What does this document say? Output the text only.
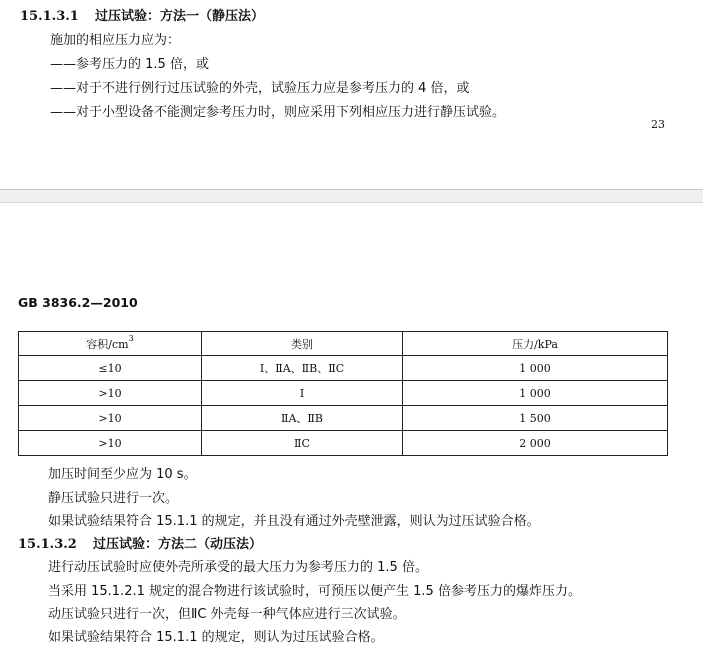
15.1.3.1 过压试验：方法一（静压法）
施加的相应压力应为：
——参考压力的 1.5 倍，或
——对于不进行例行过压试验的外壳，试验压力应是参考压力的 4 倍，或
——对于小型设备不能测定参考压力时，则应采用下列相应压力进行静压试验。
23
GB 3836.2—2010
容积$/cm^3$	类别	压力/kPa
≤10	Ⅰ、ⅡA、ⅡB、ⅡC	1 000
>10	Ⅰ	1 000
>10	ⅡA、ⅡB	1 500
>10	ⅡC	2 000
加压时间至少应为 10 s。
静压试验只进行一次。
如果试验结果符合 15.1.1 的规定，并且没有通过外壳壁泄露，则认为过压试验合格。
15.1.3.2 过压试验：方法二（动压法）
进行动压试验时应使外壳所承受的最大压力为参考压力的 1.5 倍。
当采用 15.1.2.1 规定的混合物进行该试验时，可预压以便产生 1.5 倍参考压力的爆炸压力。
动压试验只进行一次，但ⅡC 外壳每一种气体应进行三次试验。
如果试验结果符合 15.1.1 的规定，则认为过压试验合格。
